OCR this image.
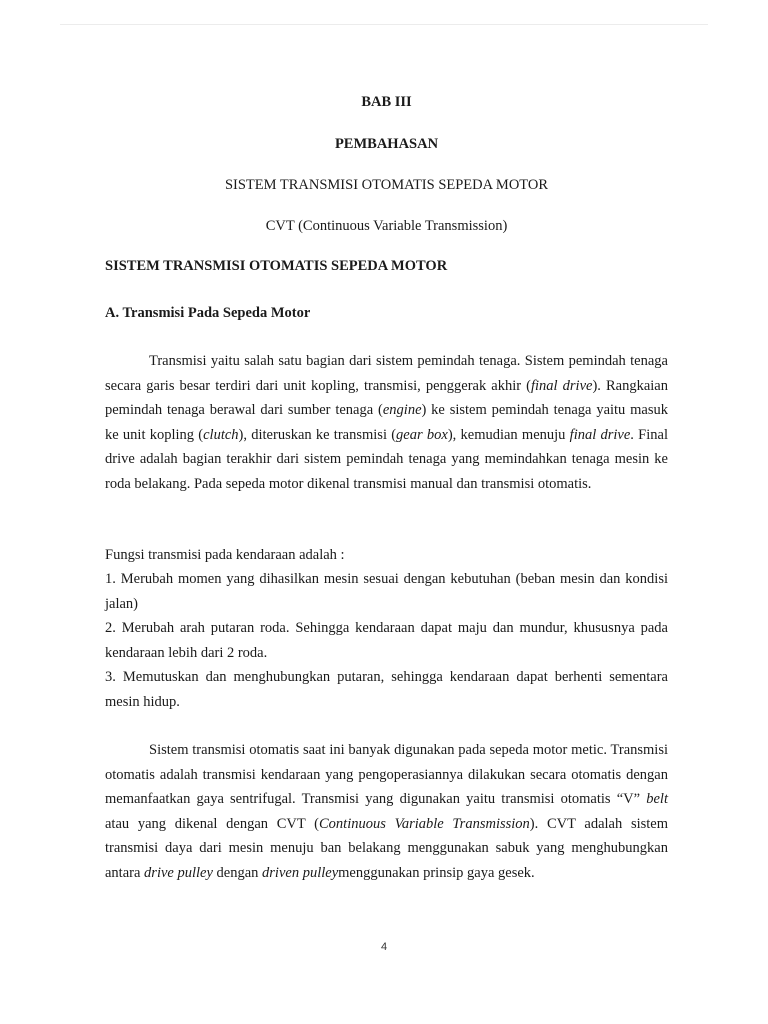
BAB III
PEMBAHASAN
SISTEM TRANSMISI OTOMATIS SEPEDA MOTOR
CVT (Continuous Variable Transmission)
SISTEM TRANSMISI OTOMATIS SEPEDA MOTOR
A. Transmisi Pada Sepeda Motor

Transmisi yaitu salah satu bagian dari sistem pemindah tenaga. Sistem pemindah tenaga secara garis besar terdiri dari unit kopling, transmisi, penggerak akhir (final drive). Rangkaian pemindah tenaga berawal dari sumber tenaga (engine) ke sistem pemindah tenaga yaitu masuk ke unit kopling (clutch), diteruskan ke transmisi (gear box), kemudian menuju final drive. Final drive adalah bagian terakhir dari sistem pemindah tenaga yang memindahkan tenaga mesin ke roda belakang. Pada sepeda motor dikenal transmisi manual dan transmisi otomatis.

Fungsi transmisi pada kendaraan adalah :
1. Merubah momen yang dihasilkan mesin sesuai dengan kebutuhan (beban mesin dan kondisi jalan)
2. Merubah arah putaran roda. Sehingga kendaraan dapat maju dan mundur, khususnya pada kendaraan lebih dari 2 roda.
3. Memutuskan dan menghubungkan putaran, sehingga kendaraan dapat berhenti sementara mesin hidup.

Sistem transmisi otomatis saat ini banyak digunakan pada sepeda motor metic. Transmisi otomatis adalah transmisi kendaraan yang pengoperasiannya dilakukan secara otomatis dengan memanfaatkan gaya sentrifugal. Transmisi yang digunakan yaitu transmisi otomatis “V” belt atau yang dikenal dengan CVT (Continuous Variable Transmission). CVT adalah sistem transmisi daya dari mesin menuju ban belakang menggunakan sabuk yang menghubungkan antara drive pulley dengan driven pulleymenggunakan prinsip gaya gesek.

4
